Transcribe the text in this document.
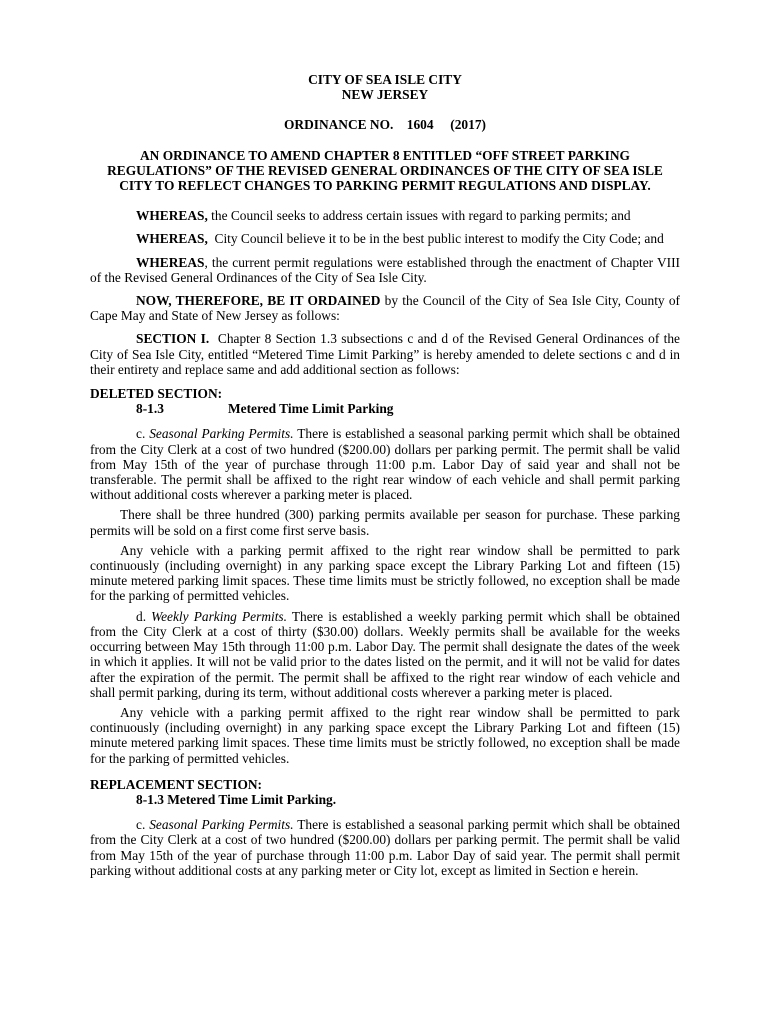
CITY OF SEA ISLE CITY

NEW JERSEY

ORDINANCE NO.    1604     (2017)

AN ORDINANCE TO AMEND CHAPTER 8 ENTITLED “OFF STREET PARKING REGULATIONS” OF THE REVISED GENERAL ORDINANCES OF THE CITY OF SEA ISLE CITY TO REFLECT CHANGES TO PARKING PERMIT REGULATIONS AND DISPLAY.

WHEREAS, the Council seeks to address certain issues with regard to parking permits; and

WHEREAS,  City Council believe it to be in the best public interest to modify the City Code; and

WHEREAS, the current permit regulations were established through the enactment of Chapter VIII of the Revised General Ordinances of the City of Sea Isle City.

NOW, THEREFORE, BE IT ORDAINED by the Council of the City of Sea Isle City, County of Cape May and State of New Jersey as follows:

SECTION I.  Chapter 8 Section 1.3 subsections c and d of the Revised General Ordinances of the City of Sea Isle City, entitled “Metered Time Limit Parking” is hereby amended to delete sections c and d in their entirety and replace same and add additional section as follows:

DELETED SECTION:

8-1.3	Metered Time Limit Parking

c. Seasonal Parking Permits. There is established a seasonal parking permit which shall be obtained from the City Clerk at a cost of two hundred ($200.00) dollars per parking permit. The permit shall be valid from May 15th of the year of purchase through 11:00 p.m. Labor Day of said year and shall not be transferable. The permit shall be affixed to the right rear window of each vehicle and shall permit parking without additional costs wherever a parking meter is placed.

There shall be three hundred (300) parking permits available per season for purchase. These parking permits will be sold on a first come first serve basis.

Any vehicle with a parking permit affixed to the right rear window shall be permitted to park continuously (including overnight) in any parking space except the Library Parking Lot and fifteen (15) minute metered parking limit spaces. These time limits must be strictly followed, no exception shall be made for the parking of permitted vehicles.

d. Weekly Parking Permits. There is established a weekly parking permit which shall be obtained from the City Clerk at a cost of thirty ($30.00) dollars. Weekly permits shall be available for the weeks occurring between May 15th through 11:00 p.m. Labor Day. The permit shall designate the dates of the week in which it applies. It will not be valid prior to the dates listed on the permit, and it will not be valid for dates after the expiration of the permit. The permit shall be affixed to the right rear window of each vehicle and shall permit parking, during its term, without additional costs wherever a parking meter is placed.

Any vehicle with a parking permit affixed to the right rear window shall be permitted to park continuously (including overnight) in any parking space except the Library Parking Lot and fifteen (15) minute metered parking limit spaces. These time limits must be strictly followed, no exception shall be made for the parking of permitted vehicles.

REPLACEMENT SECTION:

8-1.3 Metered Time Limit Parking.

c. Seasonal Parking Permits. There is established a seasonal parking permit which shall be obtained from the City Clerk at a cost of two hundred ($200.00) dollars per parking permit. The permit shall be valid from May 15th of the year of purchase through 11:00 p.m. Labor Day of said year. The permit shall permit parking without additional costs at any parking meter or City lot, except as limited in Section e herein.
